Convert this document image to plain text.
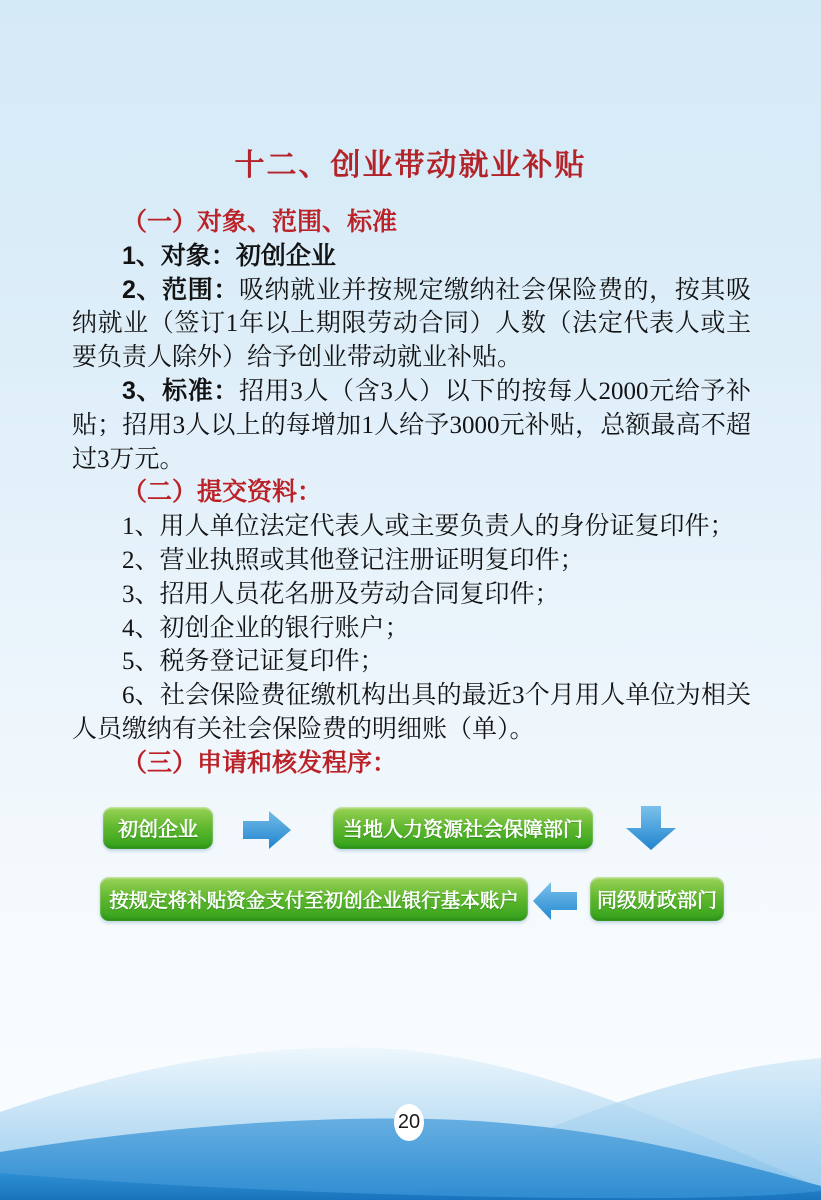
十二、创业带动就业补贴

（一）对象、范围、标准

1、对象：初创企业

2、范围：吸纳就业并按规定缴纳社会保险费的，按其吸纳就业（签订1年以上期限劳动合同）人数（法定代表人或主要负责人除外）给予创业带动就业补贴。

3、标准：招用3人（含3人）以下的按每人2000元给予补贴；招用3人以上的每增加1人给予3000元补贴，总额最高不超过3万元。

（二）提交资料：

1、用人单位法定代表人或主要负责人的身份证复印件；

2、营业执照或其他登记注册证明复印件；

3、招用人员花名册及劳动合同复印件；

4、初创企业的银行账户；

5、税务登记证复印件；

6、社会保险费征缴机构出具的最近3个月用人单位为相关人员缴纳有关社会保险费的明细账（单）。

（三）申请和核发程序：

初创企业	当地人力资源社会保障部门
按规定将补贴资金支付至初创企业银行基本账户	同级财政部门
20
